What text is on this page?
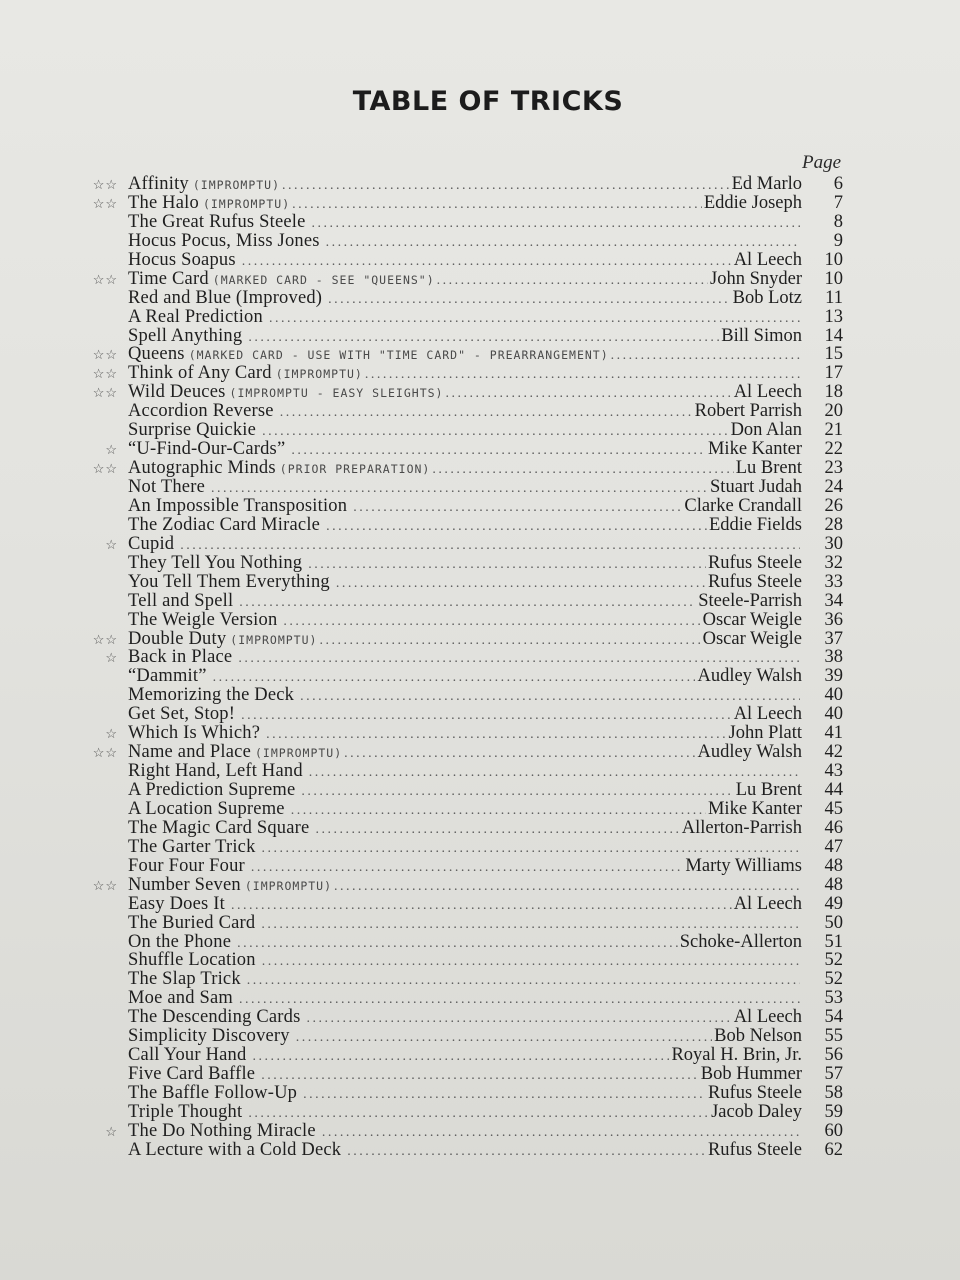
TABLE OF TRICKS
Page
☆☆ Affinity (IMPROMPTU) .....	Ed Marlo	6
☆☆ The Halo (IMPROMPTU) .....	Eddie Joseph	7
The Great Rufus Steele .....	8
Hocus Pocus, Miss Jones .....	9
Hocus Soapus .....	Al Leech	10
☆☆ Time Card (MARKED CARD - SEE "QUEENS") .....	John Snyder	10
Red and Blue (Improved) .....	Bob Lotz	11
A Real Prediction .....	13
Spell Anything .....	Bill Simon	14
☆☆ Queens (MARKED CARD - USE WITH "TIME CARD" - PREARRANGEMENT) .....	15
☆☆ Think of Any Card (IMPROMPTU) .....	17
☆☆ Wild Deuces (IMPROMPTU - EASY SLEIGHTS) .....	Al Leech	18
Accordion Reverse .....	Robert Parrish	20
Surprise Quickie .....	Don Alan	21
☆ “U-Find-Our-Cards” .....	Mike Kanter	22
☆☆ Autographic Minds (PRIOR PREPARATION) .....	Lu Brent	23
Not There .....	Stuart Judah	24
An Impossible Transposition .....	Clarke Crandall	26
The Zodiac Card Miracle .....	Eddie Fields	28
☆ Cupid .....	30
They Tell You Nothing .....	Rufus Steele	32
You Tell Them Everything .....	Rufus Steele	33
Tell and Spell .....	Steele-Parrish	34
The Weigle Version .....	Oscar Weigle	36
☆☆ Double Duty (IMPROMPTU) .....	Oscar Weigle	37
☆ Back in Place .....	38
“Dammit” .....	Audley Walsh	39
Memorizing the Deck .....	40
Get Set, Stop! .....	Al Leech	40
☆ Which Is Which? .....	John Platt	41
☆☆ Name and Place (IMPROMPTU) .....	Audley Walsh	42
Right Hand, Left Hand .....	43
A Prediction Supreme .....	Lu Brent	44
A Location Supreme .....	Mike Kanter	45
The Magic Card Square .....	Allerton-Parrish	46
The Garter Trick .....	47
Four Four Four .....	Marty Williams	48
☆☆ Number Seven (IMPROMPTU) .....	48
Easy Does It .....	Al Leech	49
The Buried Card .....	50
On the Phone .....	Schoke-Allerton	51
Shuffle Location .....	52
The Slap Trick .....	52
Moe and Sam .....	53
The Descending Cards .....	Al Leech	54
Simplicity Discovery .....	Bob Nelson	55
Call Your Hand .....	Royal H. Brin, Jr.	56
Five Card Baffle .....	Bob Hummer	57
The Baffle Follow-Up .....	Rufus Steele	58
Triple Thought .....	Jacob Daley	59
☆ The Do Nothing Miracle .....	60
A Lecture with a Cold Deck .....	Rufus Steele	62
